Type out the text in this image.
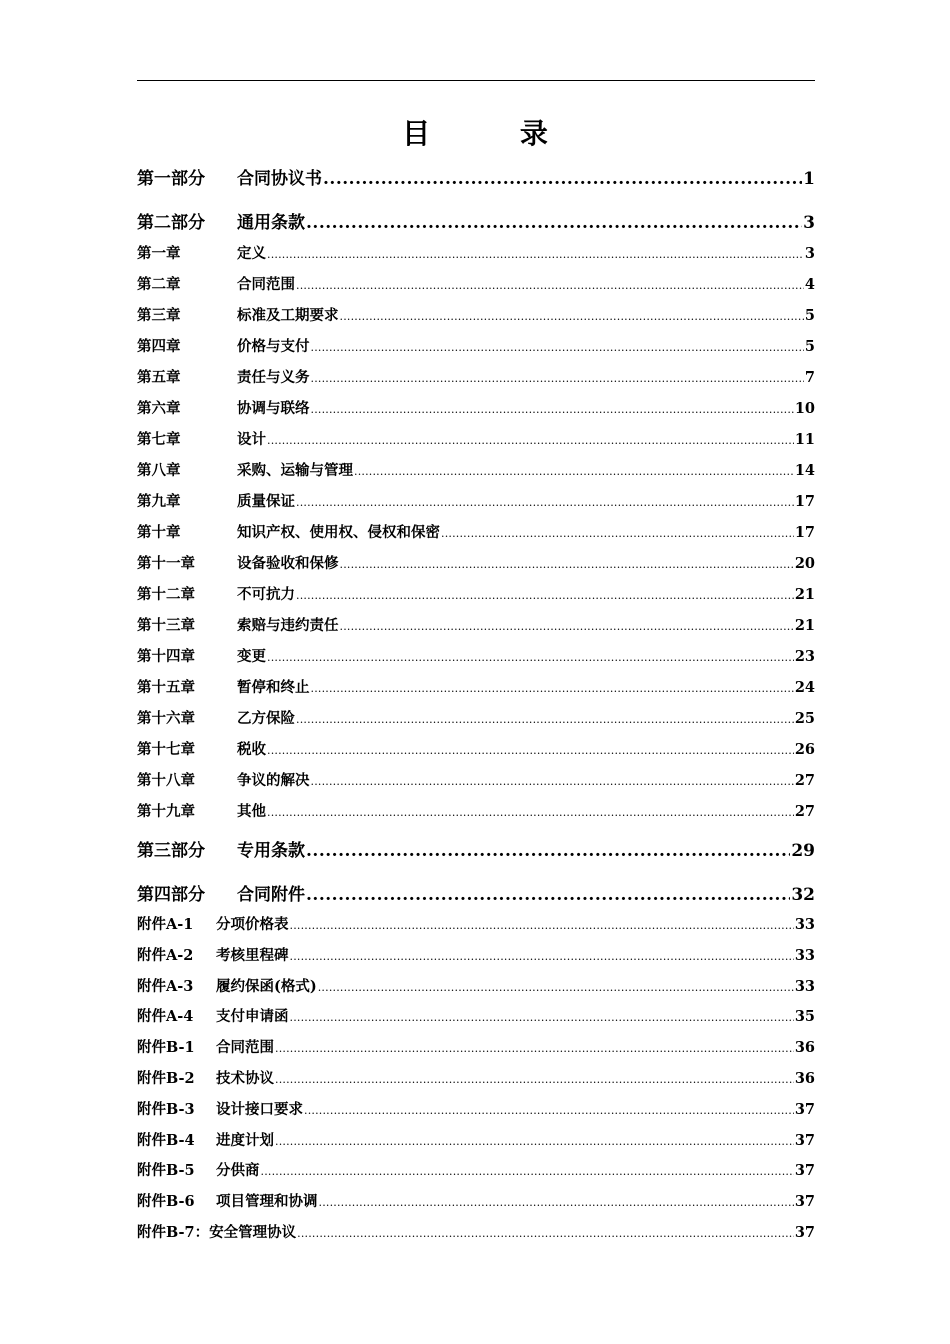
目 录
第一部分	合同协议书 .....	1
第二部分	通用条款 .....	3
第一章	定义 .....	3
第二章	合同范围 .....	4
第三章	标准及工期要求 .....	5
第四章	价格与支付 .....	5
第五章	责任与义务 .....	7
第六章	协调与联络 .....	10
第七章	设计 .....	11
第八章	采购、运输与管理 .....	14
第九章	质量保证 .....	17
第十章	知识产权、使用权、侵权和保密 .....	17
第十一章	设备验收和保修 .....	20
第十二章	不可抗力 .....	21
第十三章	索赔与违约责任 .....	21
第十四章	变更 .....	23
第十五章	暂停和终止 .....	24
第十六章	乙方保险 .....	25
第十七章	税收 .....	26
第十八章	争议的解决 .....	27
第十九章	其他 .....	27
第三部分	专用条款 .....	29
第四部分	合同附件 .....	32
附件A-1	分项价格表 .....	33
附件A-2	考核里程碑 .....	33
附件A-3	履约保函(格式) .....	33
附件A-4	支付申请函 .....	35
附件B-1	合同范围 .....	36
附件B-2	技术协议 .....	36
附件B-3	设计接口要求 .....	37
附件B-4	进度计划 .....	37
附件B-5	分供商 .....	37
附件B-6	项目管理和协调 .....	37
附件B-7： 安全管理协议 .....	37
